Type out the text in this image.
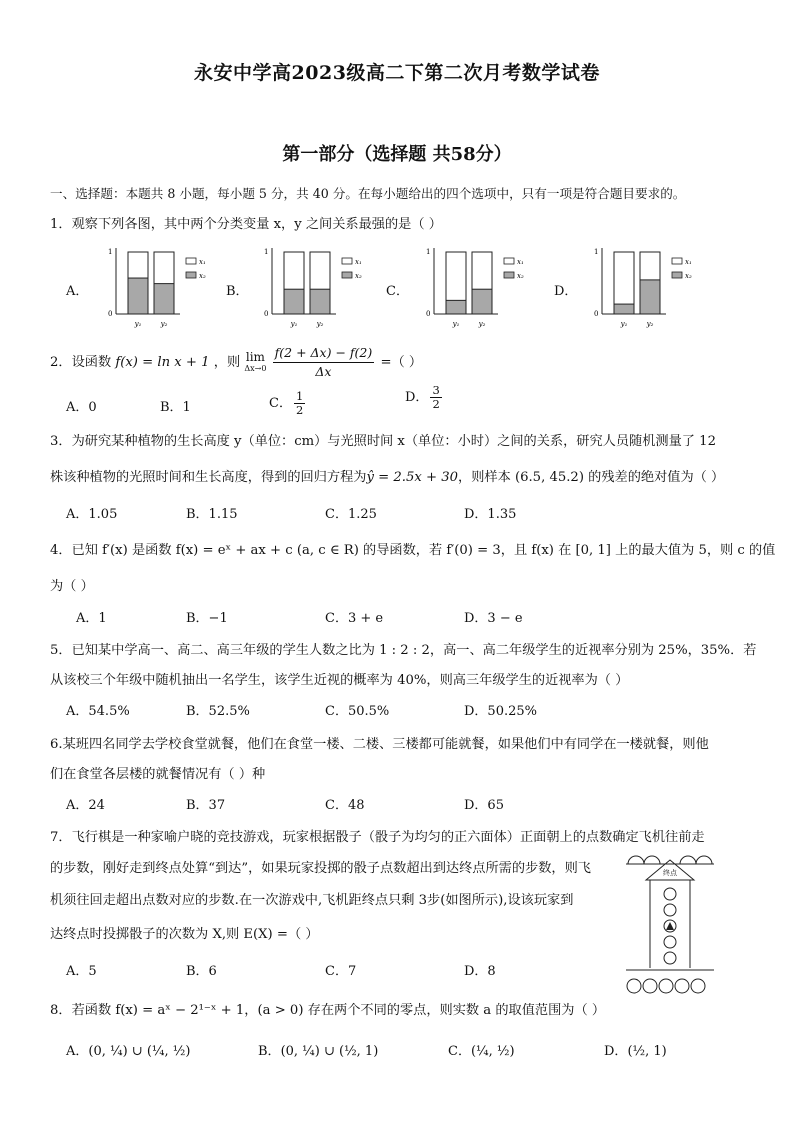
永安中学高2023级高二下第二次月考数学试卷
第一部分（选择题 共58分）
一、选择题：本题共 8 小题，每小题 5 分，共 40 分。在每小题给出的四个选项中，只有一项是符合题目要求的。
1．观察下列各图，其中两个分类变量 x，y 之间关系最强的是（ ）
A．
1
0
y₁	y₂
x₁
x₂
B．
1
0
y₁	y₂
x₁
x₂
C．
1
0
y₁	y₂
x₁
x₂
D．
1
0
y₁	y₂
x₁
x₂
2．设函数 f(x) = ln x + 1 ，则 lim
Δx→0
$\frac{f(2 + \Delta x) - f(2)}{\Delta x}$ =（ ）
A．0	B．1	C． $\frac{1}{2}$	D． $\frac{3}{2}$
3．为研究某种植物的生长高度 y（单位：cm）与光照时间 x（单位：小时）之间的关系，研究人员随机测量了 12
株该种植物的光照时间和生长高度，得到的回归方程为ŷ = 2.5x + 30，则样本 (6.5, 45.2) 的残差的绝对值为（ ）
A．1.05	B．1.15	C．1.25	D．1.35
4．已知 f′(x) 是函数 f(x) = eˣ + ax + c (a, c ∈ R) 的导函数，若 f′(0) = 3，且 f(x) 在 [0, 1] 上的最大值为 5，则 c 的值
为（ ）
A．1	B．−1	C．3 + e	D．3 − e
5．已知某中学高一、高二、高三年级的学生人数之比为 1 : 2 : 2，高一、高二年级学生的近视率分别为 25%，35%．若
从该校三个年级中随机抽出一名学生，该学生近视的概率为 40%，则高三年级学生的近视率为（ ）
A．54.5%	B．52.5%	C．50.5%	D．50.25%
6.某班四名同学去学校食堂就餐，他们在食堂一楼、二楼、三楼都可能就餐，如果他们中有同学在一楼就餐，则他
们在食堂各层楼的就餐情况有（ ）种
A．24	B．37	C．48	D．65
7．飞行棋是一种家喻户晓的竞技游戏，玩家根据骰子（骰子为均匀的正六面体）正面朝上的点数确定飞机往前走
的步数，刚好走到终点处算“到达”，如果玩家投掷的骰子点数超出到达终点所需的步数，则飞
机须往回走超出点数对应的步数.在一次游戏中,飞机距终点只剩 3步(如图所示),设该玩家到
达终点时投掷骰子的次数为 X,则 E(X) =（ ）
A．5	B．6	C．7	D．8
终点
8．若函数 f(x) = aˣ − 2¹⁻ˣ + 1，(a > 0) 存在两个不同的零点，则实数 a 的取值范围为（ ）
A．(0, ¼) ∪ (¼, ½)	B．(0, ¼) ∪ (½, 1)	C．(¼, ½)	D．(½, 1)
